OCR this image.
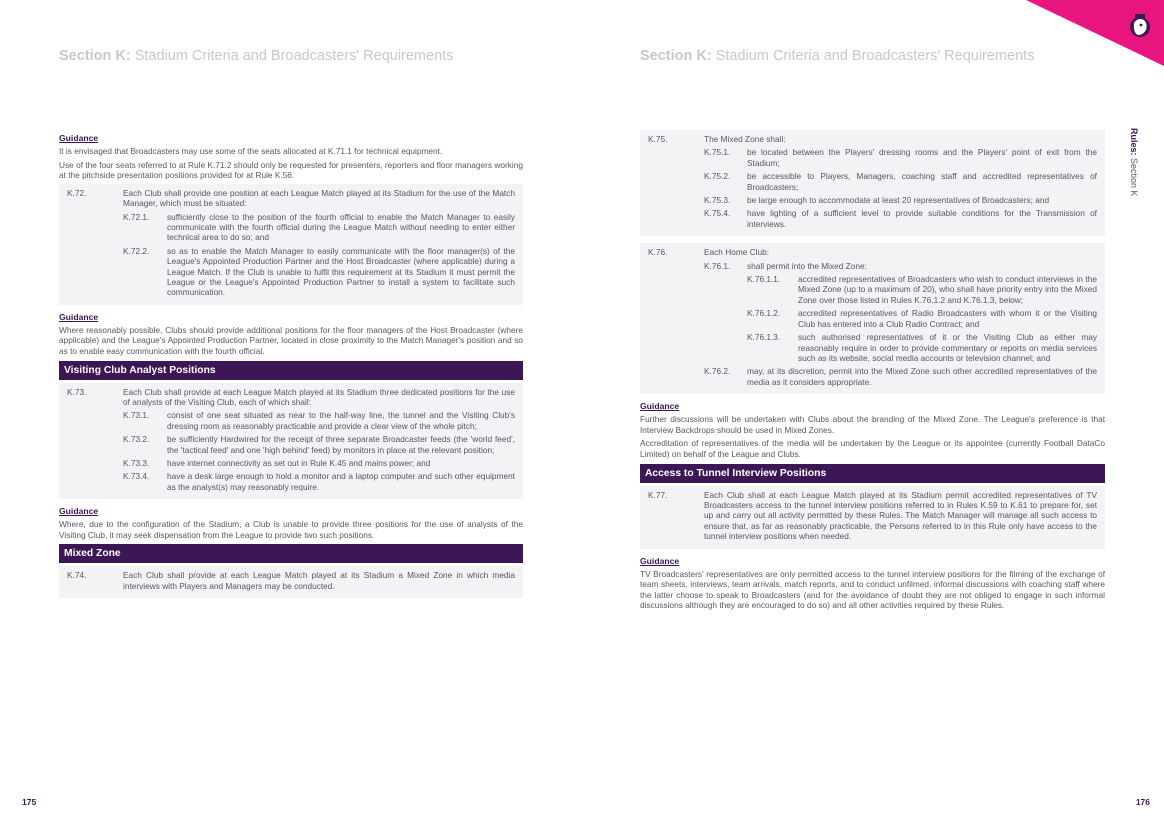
Section K: Stadium Criteria and Broadcasters' Requirements
Guidance

It is envisaged that Broadcasters may use some of the seats allocated at K.71.1 for technical equipment.

Use of the four seats referred to at Rule K.71.2 should only be requested for presenters, reporters and floor managers working at the pitchside presentation positions provided for at Rule K.56.

K.72.	Each Club shall provide one position at each League Match played at its Stadium for the use of the Match Manager, which must be situated:
K.72.1.	sufficiently close to the position of the fourth official to enable the Match Manager to easily communicate with the fourth official during the League Match without needing to enter either technical area to do so; and
K.72.2.	so as to enable the Match Manager to easily communicate with the floor manager(s) of the League's Appointed Production Partner and the Host Broadcaster (where applicable) during a League Match. If the Club is unable to fulfil this requirement at its Stadium it must permit the League or the League's Appointed Production Partner to install a system to facilitate such communication.
Guidance

Where reasonably possible, Clubs should provide additional positions for the floor managers of the Host Broadcaster (where applicable) and the League's Appointed Production Partner, located in close proximity to the Match Manager's position and so as to enable easy communication with the fourth official.

Visiting Club Analyst Positions
K.73.	Each Club shall provide at each League Match played at its Stadium three dedicated positions for the use of analysts of the Visiting Club, each of which shall:
K.73.1.	consist of one seat situated as near to the half-way line, the tunnel and the Visiting Club's dressing room as reasonably practicable and provide a clear view of the whole pitch;
K.73.2.	be sufficiently Hardwired for the receipt of three separate Broadcaster feeds (the 'world feed', the 'tactical feed' and one 'high behind' feed) by monitors in place at the relevant position;
K.73.3.	have internet connectivity as set out in Rule K.45 and mains power; and
K.73.4.	have a desk large enough to hold a monitor and a laptop computer and such other equipment as the analyst(s) may reasonably require.
Guidance

Where, due to the configuration of the Stadium, a Club is unable to provide three positions for the use of analysts of the Visiting Club, it may seek dispensation from the League to provide two such positions.

Mixed Zone
K.74.	Each Club shall provide at each League Match played at its Stadium a Mixed Zone in which media interviews with Players and Managers may be conducted.
175
Section K: Stadium Criteria and Broadcasters' Requirements
Rules: Section K
K.75.	The Mixed Zone shall:
K.75.1.	be located between the Players' dressing rooms and the Players' point of exit from the Stadium;
K.75.2.	be accessible to Players, Managers, coaching staff and accredited representatives of Broadcasters;
K.75.3.	be large enough to accommodate at least 20 representatives of Broadcasters; and
K.75.4.	have lighting of a sufficient level to provide suitable conditions for the Transmission of interviews.
K.76.	Each Home Club:
K.76.1.	shall permit into the Mixed Zone:
K.76.1.1.	accredited representatives of Broadcasters who wish to conduct interviews in the Mixed Zone (up to a maximum of 20), who shall have priority entry into the Mixed Zone over those listed in Rules K.76.1.2 and K.76.1.3, below;
K.76.1.2.	accredited representatives of Radio Broadcasters with whom it or the Visiting Club has entered into a Club Radio Contract; and
K.76.1.3.	such authorised representatives of it or the Visiting Club as either may reasonably require in order to provide commentary or reports on media services such as its website, social media accounts or television channel; and
K.76.2.	may, at its discretion, permit into the Mixed Zone such other accredited representatives of the media as it considers appropriate.
Guidance

Further discussions will be undertaken with Clubs about the branding of the Mixed Zone. The League's preference is that Interview Backdrops should be used in Mixed Zones.

Accreditation of representatives of the media will be undertaken by the League or its appointee (currently Football DataCo Limited) on behalf of the League and Clubs.

Access to Tunnel Interview Positions
K.77.	Each Club shall at each League Match played at its Stadium permit accredited representatives of TV Broadcasters access to the tunnel interview positions referred to in Rules K.59 to K.61 to prepare for, set up and carry out all activity permitted by these Rules. The Match Manager will manage all such access to ensure that, as far as reasonably practicable, the Persons referred to in this Rule only have access to the tunnel interview positions when needed.
Guidance

TV Broadcasters' representatives are only permitted access to the tunnel interview positions for the filming of the exchange of team sheets, interviews, team arrivals, match reports, and to conduct unfilmed, informal discussions with coaching staff where the latter choose to speak to Broadcasters (and for the avoidance of doubt they are not obliged to engage in such informal discussions although they are encouraged to do so) and all other activities required by these Rules.

176
